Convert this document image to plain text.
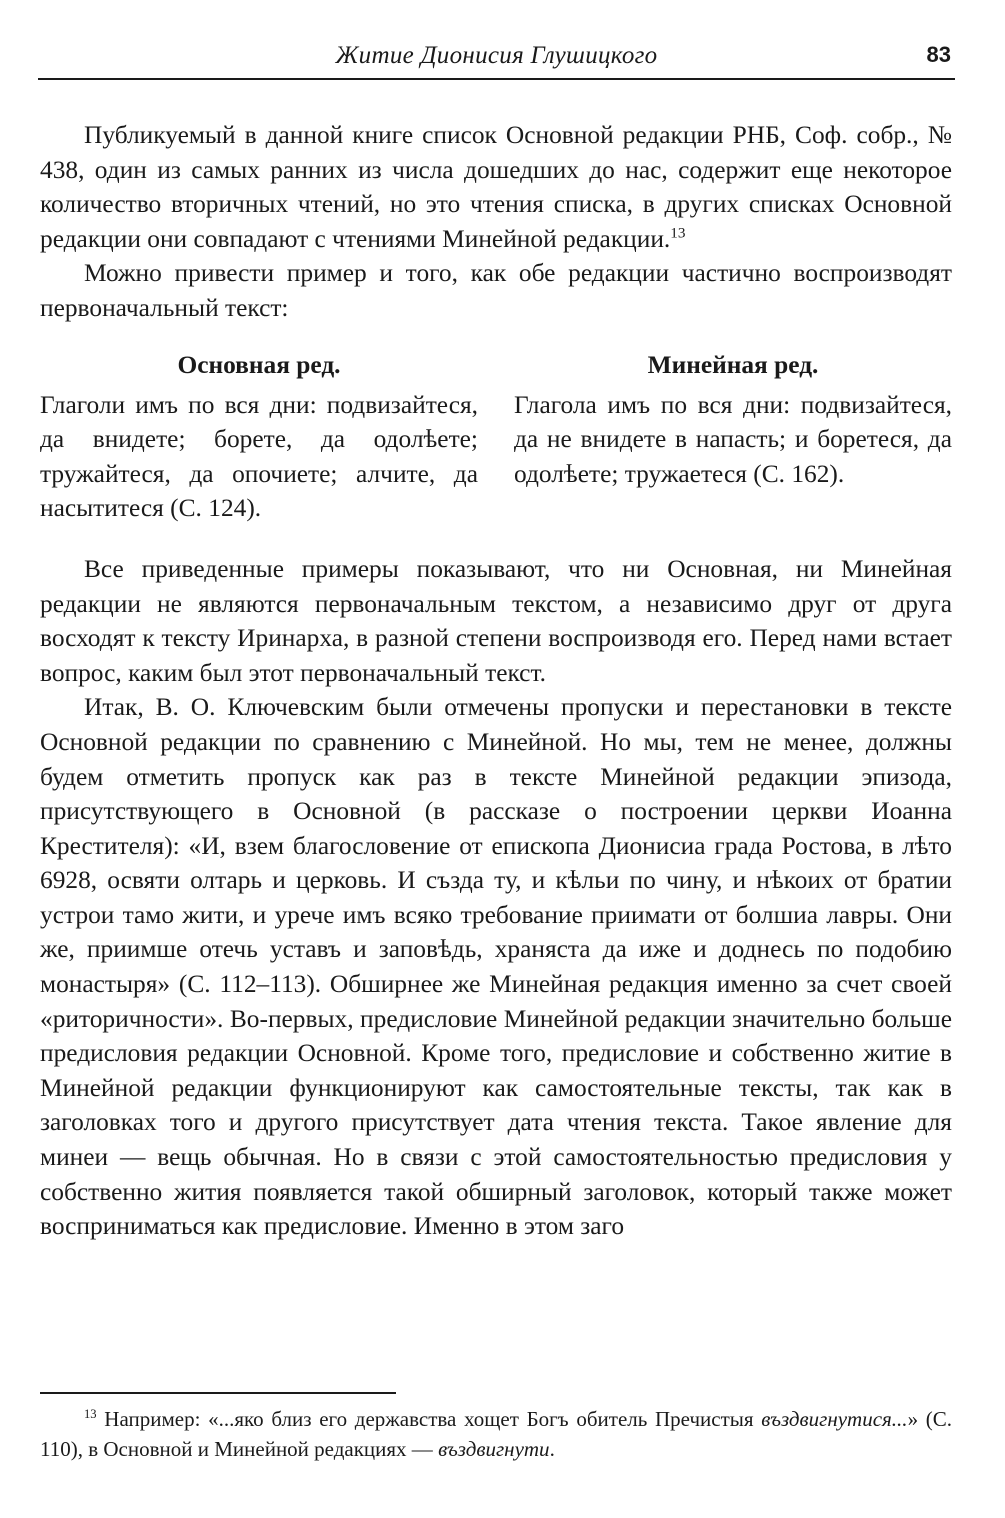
Житие Дионисия Глушицкого	83

Публикуемый в данной книге список Основной редакции РНБ, Соф. собр., № 438, один из самых ранних из числа дошедших до нас, содержит еще некоторое количество вторичных чтений, но это чтения списка, в других списках Основной редакции они совпадают с чтениями Минейной редакции.$^{13}$

Можно привести пример и того, как обе редакции частично воспроизводят первоначальный текст:

Основная ред.
Глаголи имъ по вся дни: подвизайтеся, да внидете; борете, да одолѣете; тружайтеся, да опочиете; алчите, да насытитеся (С. 124).
Минейная ред.
Глагола имъ по вся дни: подвизайтеся, да не внидете в напасть; и боретеся, да одолѣете; тружаетеся (С. 162).

Все приведенные примеры показывают, что ни Основная, ни Минейная редакции не являются первоначальным текстом, а независимо друг от друга восходят к тексту Иринарха, в разной степени воспроизводя его. Перед нами встает вопрос, каким был этот первоначальный текст.

Итак, В. О. Ключевским были отмечены пропуски и перестановки в тексте Основной редакции по сравнению с Минейной. Но мы, тем не менее, должны будем отметить пропуск как раз в тексте Минейной редакции эпизода, присутствующего в Основной (в рассказе о построении церкви Иоанна Крестителя): «И, взем благословение от епископа Дионисиа града Ростова, в лѣто 6928, освяти олтарь и церковь. И създа ту, и кѣльи по чину, и нѣкоих от братии устрои тамо жити, и урече имъ всяко требование приимати от болшиа лавры. Они же, приимше отечь уставъ и заповѣдь, храняста да иже и доднесь по подобию монастыря» (С. 112–113). Обширнее же Минейная редакция именно за счет своей «риторичности». Во-первых, предисловие Минейной редакции значительно больше предисловия редакции Основной. Кроме того, предисловие и собственно житие в Минейной редакции функционируют как самостоятельные тексты, так как в заголовках того и другого присутствует дата чтения текста. Такое явление для минеи — вещь обычная. Но в связи с этой самостоятельностью предисловия у собственно жития появляется такой обширный заголовок, который также может восприниматься как предисловие. Именно в этом заго

$^{13}$ Например: «...яко близ его державства хощет Богъ обитель Пречистыя въздвигнутися...» (С. 110), в Основной и Минейной редакциях — въздвигнути.
